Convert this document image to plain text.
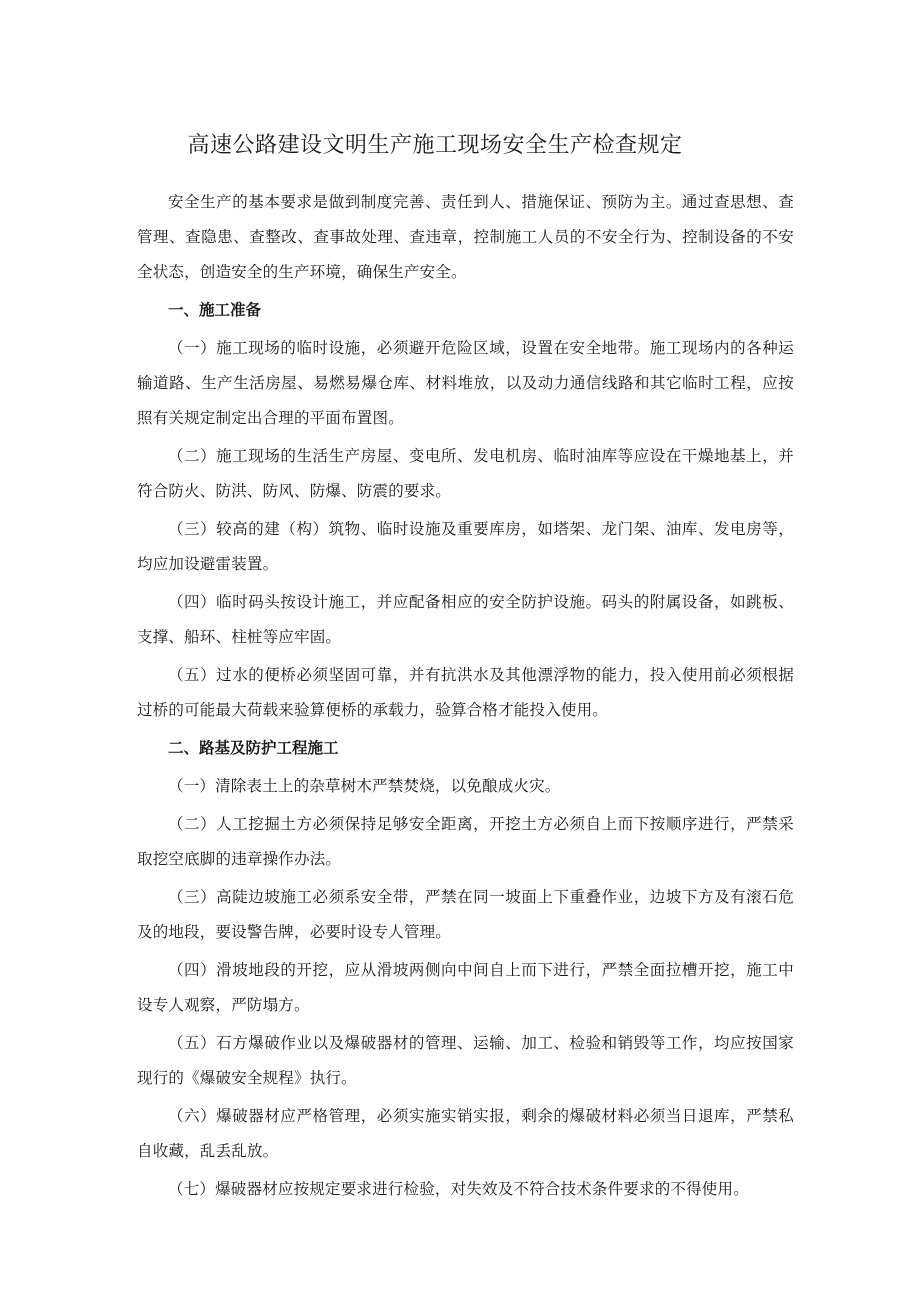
高速公路建设文明生产施工现场安全生产检查规定

安全生产的基本要求是做到制度完善、责任到人、措施保证、预防为主。通过查思想、查管理、查隐患、查整改、查事故处理、查违章，控制施工人员的不安全行为、控制设备的不安全状态，创造安全的生产环境，确保生产安全。

一、施工准备

（一）施工现场的临时设施，必须避开危险区域，设置在安全地带。施工现场内的各种运输道路、生产生活房屋、易燃易爆仓库、材料堆放，以及动力通信线路和其它临时工程，应按照有关规定制定出合理的平面布置图。

（二）施工现场的生活生产房屋、变电所、发电机房、临时油库等应设在干燥地基上，并符合防火、防洪、防风、防爆、防震的要求。

（三）较高的建（构）筑物、临时设施及重要库房，如塔架、龙门架、油库、发电房等，均应加设避雷装置。

（四）临时码头按设计施工，并应配备相应的安全防护设施。码头的附属设备，如跳板、支撑、船环、柱桩等应牢固。

（五）过水的便桥必须坚固可靠，并有抗洪水及其他漂浮物的能力，投入使用前必须根据过桥的可能最大荷载来验算便桥的承载力，验算合格才能投入使用。

二、路基及防护工程施工

（一）清除表土上的杂草树木严禁焚烧，以免酿成火灾。

（二）人工挖掘土方必须保持足够安全距离，开挖土方必须自上而下按顺序进行，严禁采取挖空底脚的违章操作办法。

（三）高陡边坡施工必须系安全带，严禁在同一坡面上下重叠作业，边坡下方及有滚石危及的地段，要设警告牌，必要时设专人管理。

（四）滑坡地段的开挖，应从滑坡两侧向中间自上而下进行，严禁全面拉槽开挖，施工中设专人观察，严防塌方。

（五）石方爆破作业以及爆破器材的管理、运输、加工、检验和销毁等工作，均应按国家现行的《爆破安全规程》执行。

（六）爆破器材应严格管理，必须实施实销实报，剩余的爆破材料必须当日退库，严禁私自收藏，乱丢乱放。

（七）爆破器材应按规定要求进行检验，对失效及不符合技术条件要求的不得使用。
